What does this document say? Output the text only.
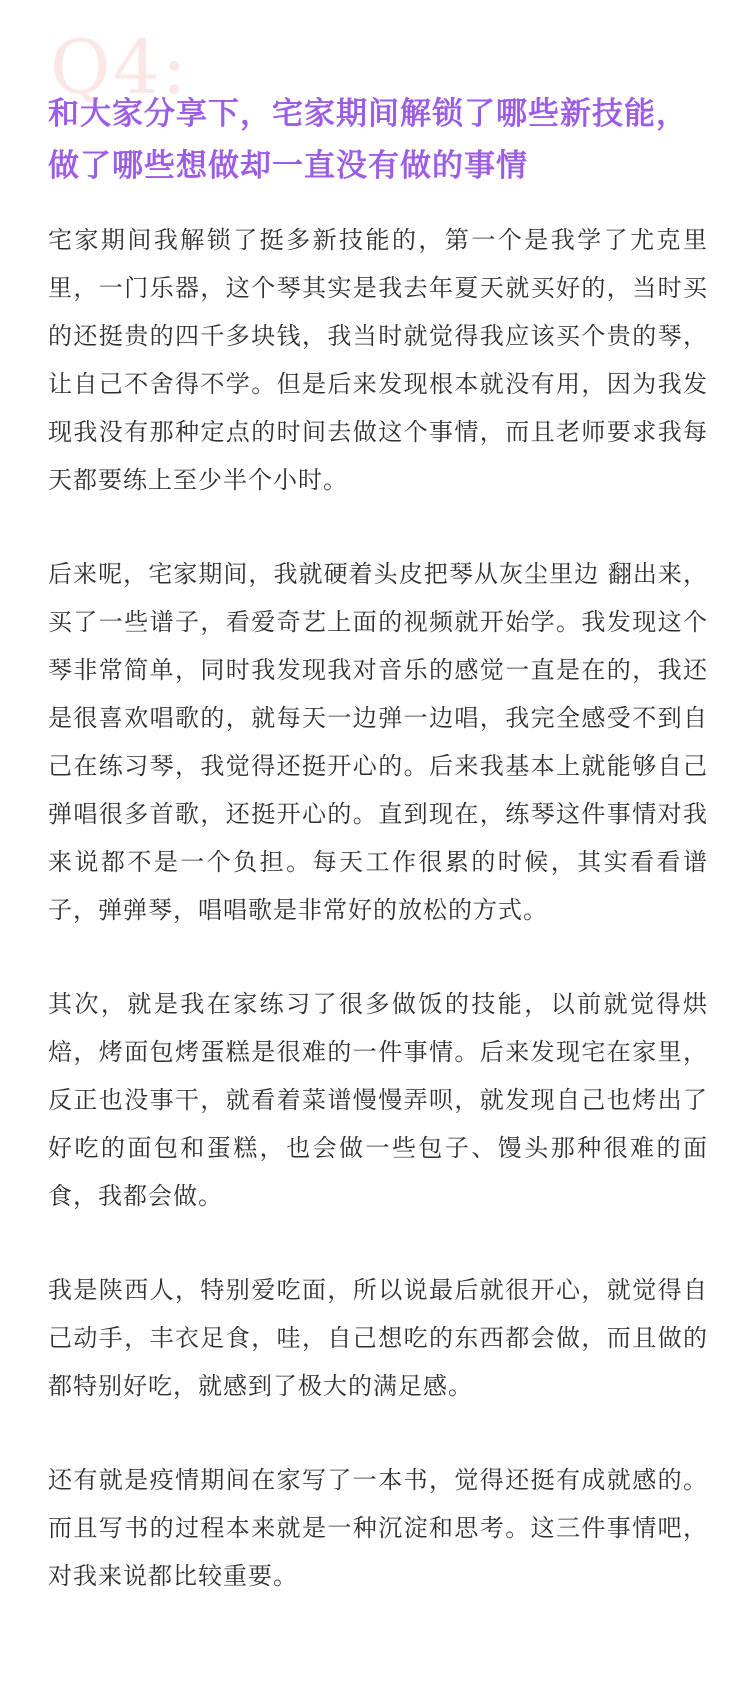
Q4:
和大家分享下，宅家期间解锁了哪些新技能，做了哪些想做却一直没有做的事情

宅家期间我解锁了挺多新技能的，第一个是我学了尤克里里，一门乐器，这个琴其实是我去年夏天就买好的，当时买的还挺贵的四千多块钱，我当时就觉得我应该买个贵的琴，让自己不舍得不学。但是后来发现根本就没有用，因为我发现我没有那种定点的时间去做这个事情，而且老师要求我每天都要练上至少半个小时。

后来呢，宅家期间，我就硬着头皮把琴从灰尘里边 翻出来，买了一些谱子，看爱奇艺上面的视频就开始学。我发现这个琴非常简单，同时我发现我对音乐的感觉一直是在的，我还是很喜欢唱歌的，就每天一边弹一边唱，我完全感受不到自己在练习琴，我觉得还挺开心的。后来我基本上就能够自己弹唱很多首歌，还挺开心的。直到现在，练琴这件事情对我来说都不是一个负担。每天工作很累的时候，其实看看谱子，弹弹琴，唱唱歌是非常好的放松的方式。

其次，就是我在家练习了很多做饭的技能，以前就觉得烘焙，烤面包烤蛋糕是很难的一件事情。后来发现宅在家里，反正也没事干，就看着菜谱慢慢弄呗，就发现自己也烤出了好吃的面包和蛋糕，也会做一些包子、馒头那种很难的面食，我都会做。

我是陕西人，特别爱吃面，所以说最后就很开心，就觉得自己动手，丰衣足食，哇，自己想吃的东西都会做，而且做的都特别好吃，就感到了极大的满足感。

还有就是疫情期间在家写了一本书，觉得还挺有成就感的。而且写书的过程本来就是一种沉淀和思考。这三件事情吧，对我来说都比较重要。
